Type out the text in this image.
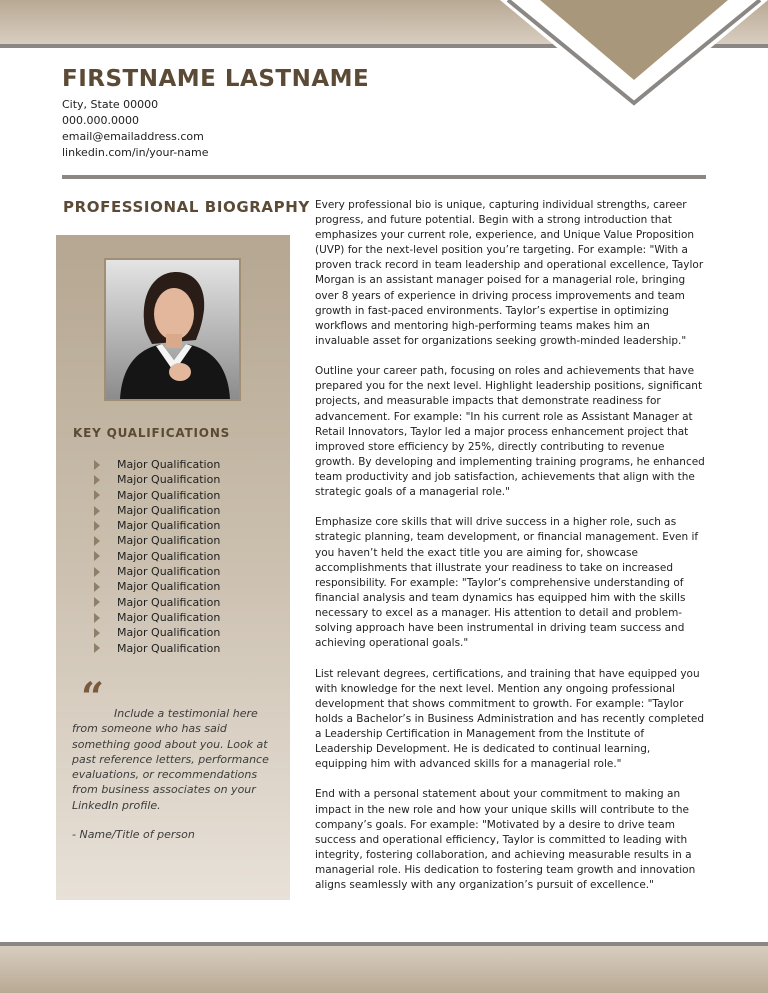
FIRSTNAME LASTNAME
City, State 00000
000.000.0000
email@emailaddress.com
linkedin.com/in/your-name
PROFESSIONAL BIOGRAPHY
KEY QUALIFICATIONS
Major Qualification
Major Qualification
Major Qualification
Major Qualification
Major Qualification
Major Qualification
Major Qualification
Major Qualification
Major Qualification
Major Qualification
Major Qualification
Major Qualification
Major Qualification
“ Include a testimonial here

from someone who has said

something good about you. Look at

past reference letters, performance

evaluations, or recommendations

from business associates on your

LinkedIn profile.

- Name/Title of person

Every professional bio is unique, capturing individual strengths, career progress, and future potential. Begin with a strong introduction that emphasizes your current role, experience, and Unique Value Proposition (UVP) for the next-level position you’re targeting. For example: "With a proven track record in team leadership and operational excellence, Taylor Morgan is an assistant manager poised for a managerial role, bringing over 8 years of experience in driving process improvements and team growth in fast-paced environments. Taylor’s expertise in optimizing workflows and mentoring high-performing teams makes him an invaluable asset for organizations seeking growth-minded leadership."

Outline your career path, focusing on roles and achievements that have prepared you for the next level. Highlight leadership positions, significant projects, and measurable impacts that demonstrate readiness for advancement. For example: "In his current role as Assistant Manager at Retail Innovators, Taylor led a major process enhancement project that improved store efficiency by 25%, directly contributing to revenue growth. By developing and implementing training programs, he enhanced team productivity and job satisfaction, achievements that align with the strategic goals of a managerial role."

Emphasize core skills that will drive success in a higher role, such as strategic planning, team development, or financial management. Even if you haven’t held the exact title you are aiming for, showcase accomplishments that illustrate your readiness to take on increased responsibility. For example: "Taylor’s comprehensive understanding of financial analysis and team dynamics has equipped him with the skills necessary to excel as a manager. His attention to detail and problem-solving approach have been instrumental in driving team success and achieving operational goals."

List relevant degrees, certifications, and training that have equipped you with knowledge for the next level. Mention any ongoing professional development that shows commitment to growth. For example: "Taylor holds a Bachelor’s in Business Administration and has recently completed a Leadership Certification in Management from the Institute of Leadership Development. He is dedicated to continual learning, equipping him with advanced skills for a managerial role."

End with a personal statement about your commitment to making an impact in the new role and how your unique skills will contribute to the company’s goals. For example: "Motivated by a desire to drive team success and operational efficiency, Taylor is committed to leading with integrity, fostering collaboration, and achieving measurable results in a managerial role. His dedication to fostering team growth and innovation aligns seamlessly with any organization’s pursuit of excellence."
